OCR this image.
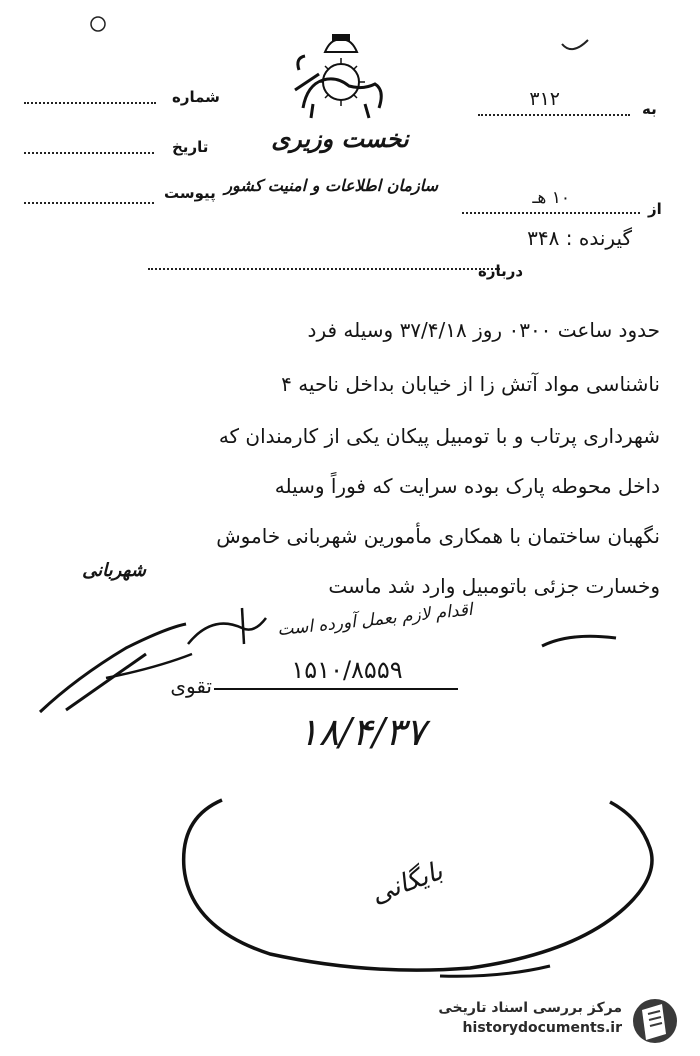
نخست وزیری
سازمان اطلاعات و امنیت کشور
شماره
تاریخ
پیوست
به
۳۱۲
از
۱۰ هـ
گیرنده : ۳۴۸
درباره
حدود ساعت ۰۳۰۰ روز ۳۷/۴/۱۸ وسیله فرد
ناشناسی مواد آتش زا از خیابان بداخل ناحیه ۴
شهرداری پرتاب و با تومبیل پیکان یکی از کارمندان که
داخل محوطه پارک بوده سرایت که فوراً وسیله
نگهبان ساختمان با همکاری مأمورین شهربانی خاموش
وخسارت جزئی باتومبیل وارد شد ماست
شهربانی
اقدام لازم بعمل آورده است
۱۵۱۰/۸۵۵۹
تقوی
۱۸/۴/۳۷
بایگانی
مرکز بررسی اسناد تاریخی
historydocuments.ir
